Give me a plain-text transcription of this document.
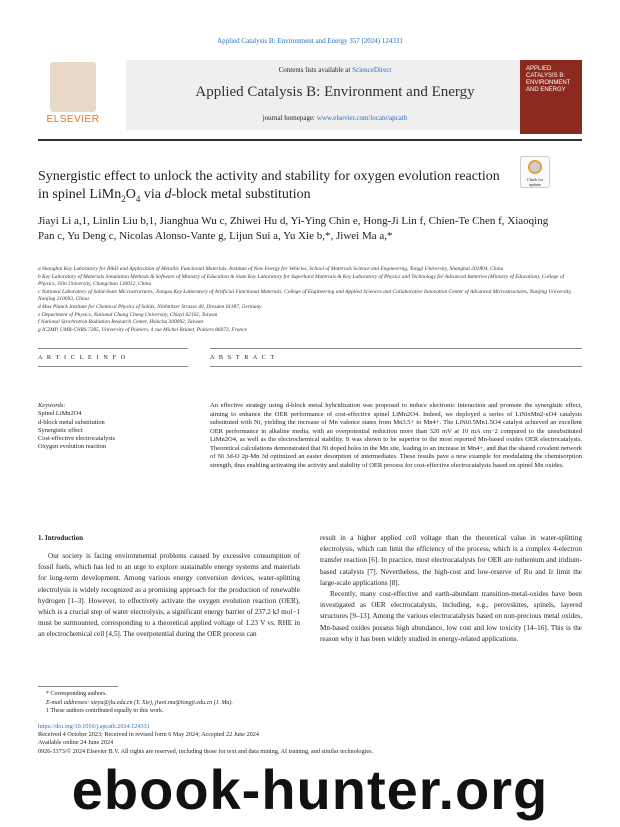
Applied Catalysis B: Environment and Energy 357 (2024) 124331
ELSEVIER
Contents lists available at ScienceDirect
Applied Catalysis B: Environment and Energy
journal homepage: www.elsevier.com/locate/apcatb
APPLIED CATALYSIS B: ENVIRONMENT AND ENERGY
Synergistic effect to unlock the activity and stability for oxygen evolution reaction in spinel $LiMn_2O_4$ via d-block metal substitution
Check for updates
Jiayi Li a,1, Linlin Liu b,1, Jianghua Wu c, Zhiwei Hu d, Yi-Ying Chin e, Hong-Ji Lin f, Chien-Te Chen f, Xiaoqing Pan c, Yu Deng c, Nicolas Alonso-Vante g, Lijun Sui a, Yu Xie b,*, Jiwei Ma a,*
a Shanghai Key Laboratory for R&D and Application of Metallic Functional Materials, Institute of New Energy for Vehicles, School of Materials Science and Engineering, Tongji University, Shanghai 201804, China
b Key Laboratory of Materials Simulation Methods & Software of Ministry of Education & State Key Laboratory for Superhard Materials & Key Laboratory of Physics and Technology for Advanced Batteries (Ministry of Education), College of Physics, Jilin University, Changchun 130012, China
c National Laboratory of Solid-State Microstructures, Jiangsu Key Laboratory of Artificial Functional Materials, College of Engineering and Applied Sciences and Collaborative Innovation Center of Advanced Microstructures, Nanjing University, Nanjing 210093, China
d Max Planck Institute for Chemical Physics of Solids, Nöthnitzer Strasse 40, Dresden 01187, Germany
e Department of Physics, National Chung Cheng University, Chiayi 62102, Taiwan
f National Synchrotron Radiation Research Center, Hsinchu 300092, Taiwan
g IC2MP, UMR-CNRS 7285, University of Poitiers, 4 rue Michel Brunet, Poitiers 86073, France
A R T I C L E I N F O	A B S T R A C T
Keywords:
Spinel LiMn2O4
d-block metal substitution
Synergistic effect
Cost-effective electrocatalysts
Oxygen evolution reaction
An effective strategy using d-block metal hybridization was proposed to induce electronic interaction and promote the synergistic effect, aiming to enhance the OER performance of cost-effective spinel LiMn2O4. Indeed, we deployed a series of LiNixMn2-xO4 catalysts substituted with Ni, yielding the increase of Mn valence states from Mn3.5+ to Mn4+. The LiNi0.5Mn1.5O4 catalyst achieved an excellent OER performance in alkaline media, with an overpotential reduction more than 320 mV at 10 mA cm−2 compared to the unsubstituted LiMn2O4, as well as the electrochemical stability. It was shown to be superior to the most reported Mn-based oxides OER electrocatalysts. Theoretical calculations demonstrated that Ni doped holes in the Mn site, leading to an increase in Mn4+, and that the shared covalent network of Ni 3d-O 2p-Mn 3d optimized an easier desorption of intermediates. These results pave a new example for modulating the chemisorption strength, thus enabling activating the activity and stability of OER process for cost-effective electrocatalysts based on spinel Mn oxides.
1. Introduction

Our society is facing environmental problems caused by excessive consumption of fossil fuels, which has led to an urge to explore sustainable energy systems and materials for long-term development. Among various energy conversion devices, water-splitting electrolysis is widely recognized as a promising approach for the production of renewable hydrogen [1–3]. However, to effectively activate the oxygen evolution reaction (OER), which is a crucial step of water electrolysis, a significant energy barrier of 237.2 kJ mol−1 must be surmounted, corresponding to a theoretical applied voltage of 1.23 V vs. RHE in an electrochemical cell [4,5]. The overpotential during the OER process can

result in a higher applied cell voltage than the theoretical value in water-splitting electrolysis, which can limit the efficiency of the process, which is a complex 4-electron transfer reaction [6]. In practice, most electrocatalysts for OER are ruthenium and iridium-based catalysts [7]. Nevertheless, the high-cost and low-reserve of Ru and Ir limit the large-scale applications [8].

Recently, many cost-effective and earth-abundant transition-metal-oxides have been investigated as OER electrocatalysts, including, e.g., perovskites, spinels, layered structures [9–13]. Among the various electrocatalysts based on non-precious metal oxides, Mn-based oxides possess high abundance, low cost and low toxicity [14–16]. This is the reason why it has been widely studied in energy-related applications.

* Corresponding authors.
E-mail addresses: xieyu@jlu.edu.cn (Y. Xie), jiwei.ma@tongji.edu.cn (J. Ma).
1 These authors contributed equally to this work.
https://doi.org/10.1016/j.apcatb.2024.124331
Received 4 October 2023; Received in revised form 6 May 2024; Accepted 22 June 2024
Available online 24 June 2024
0926-3373/© 2024 Elsevier B.V. All rights are reserved, including those for text and data mining, AI training, and similar technologies.
ebook-hunter.org
